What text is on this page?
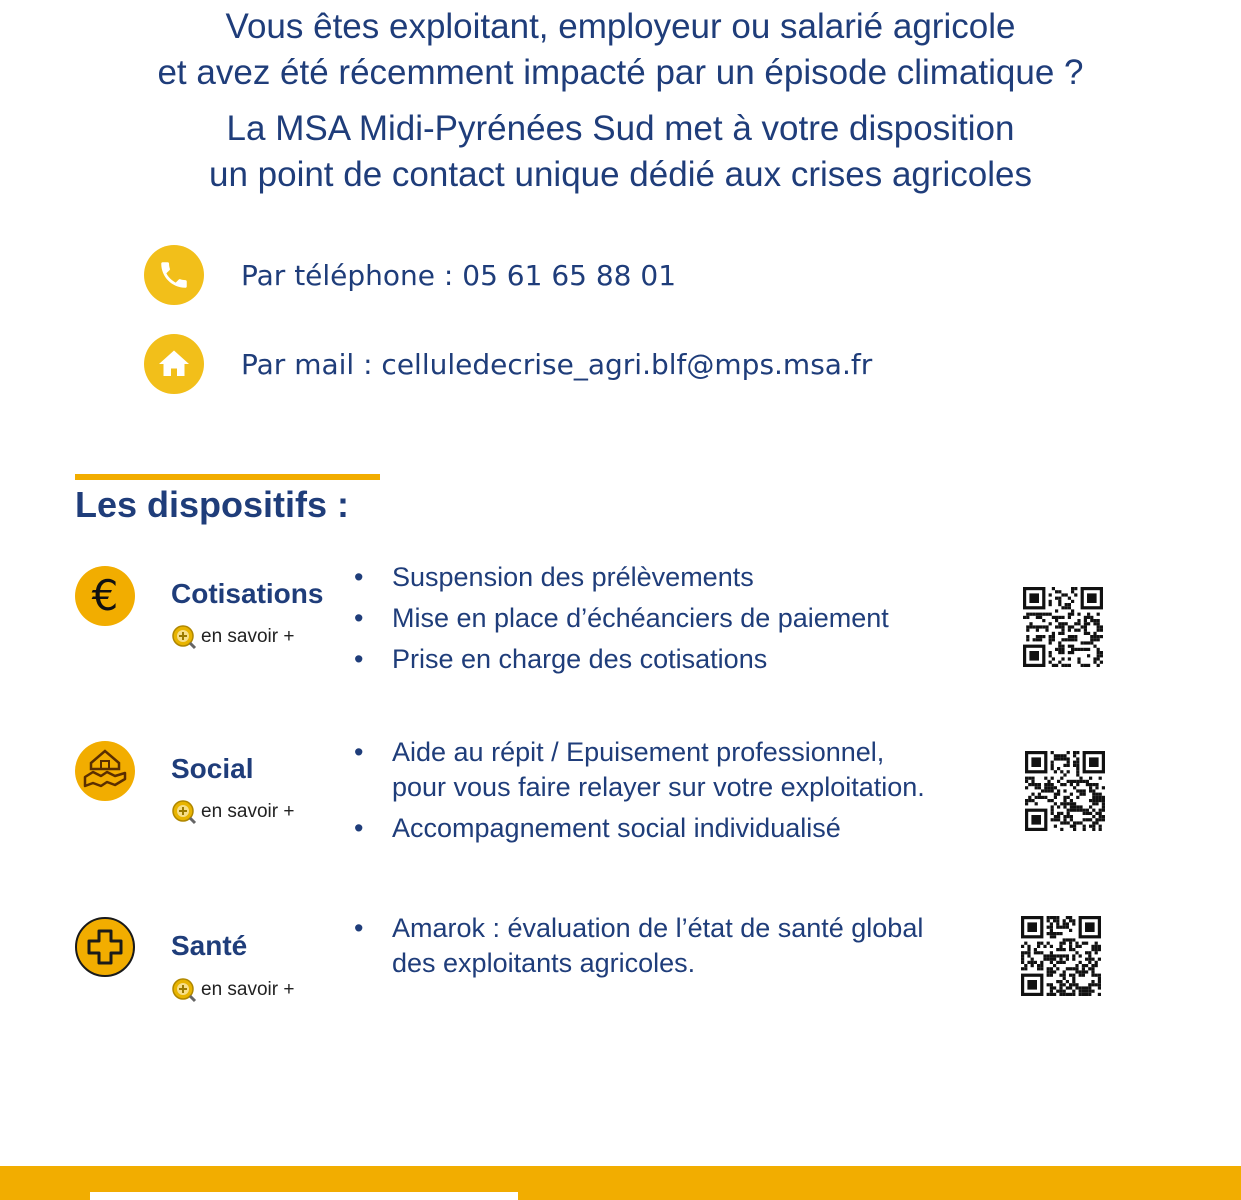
Vous êtes exploitant, employeur ou salarié agricole
et avez été récemment impacté par un épisode climatique ?
La MSA Midi-Pyrénées Sud met à votre disposition
un point de contact unique dédié aux crises agricoles
Par téléphone : 05 61 65 88 01
Par mail : celluledecrise_agri.blf@mps.msa.fr
Les dispositifs :
€ Cotisations
en savoir +
• Suspension des prélèvements
• Mise en place d’échéanciers de paiement
• Prise en charge des cotisations
Social
en savoir +
• Aide au répit / Epuisement professionnel,
pour vous faire relayer sur votre exploitation.
• Accompagnement social individualisé
Santé
en savoir +
• Amarok : évaluation de l’état de santé global
des exploitants agricoles.
